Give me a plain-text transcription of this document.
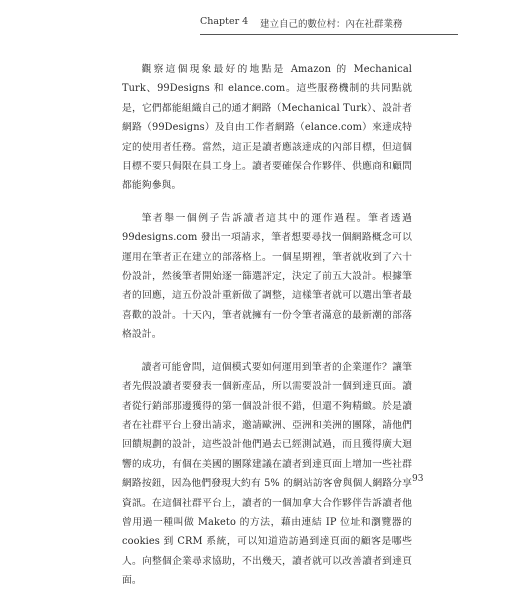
Chapter 4 建立自己的數位村：內在社群業務

觀察這個現象最好的地點是 Amazon 的 Mechanical Turk、99Designs 和 elance.com。這些服務機制的共同點就是，它們都能組織自己的通才網路（Mechanical Turk）、設計者網路（99Designs）及自由工作者網路（elance.com）來達成特定的使用者任務。當然，這正是讀者應該達成的內部目標，但這個目標不要只侷限在員工身上。讀者要確保合作夥伴、供應商和顧問都能夠參與。

筆者舉一個例子告訴讀者這其中的運作過程。筆者透過 99designs.com 發出一項請求，筆者想要尋找一個網路概念可以運用在筆者正在建立的部落格上。一個星期裡，筆者就收到了六十份設計，然後筆者開始逐一篩選評定，決定了前五大設計。根據筆者的回應，這五份設計重新做了調整，這樣筆者就可以選出筆者最喜歡的設計。十天內，筆者就擁有一份令筆者滿意的最新潮的部落格設計。

讀者可能會問，這個模式要如何運用到筆者的企業運作？讓筆者先假設讀者要發表一個新產品，所以需要設計一個到達頁面。讀者從行銷部那邊獲得的第一個設計很不錯，但還不夠精緻。於是讀者在社群平台上發出請求，邀請歐洲、亞洲和美洲的團隊，請他們回饋規劃的設計，這些設計他們過去已經測試過，而且獲得廣大迴響的成功，有個在美國的團隊建議在讀者到達頁面上增加一些社群網路按鈕，因為他們發現大約有 5% 的網站訪客會與個人網路分享資訊。在這個社群平台上，讀者的一個加拿大合作夥伴告訴讀者他曾用過一種叫做 Maketo 的方法，藉由連結 IP 位址和瀏覽器的 cookies 到 CRM 系統，可以知道造訪過到達頁面的顧客是哪些人。向整個企業尋求協助，不出幾天，讀者就可以改善讀者到達頁面。

93
